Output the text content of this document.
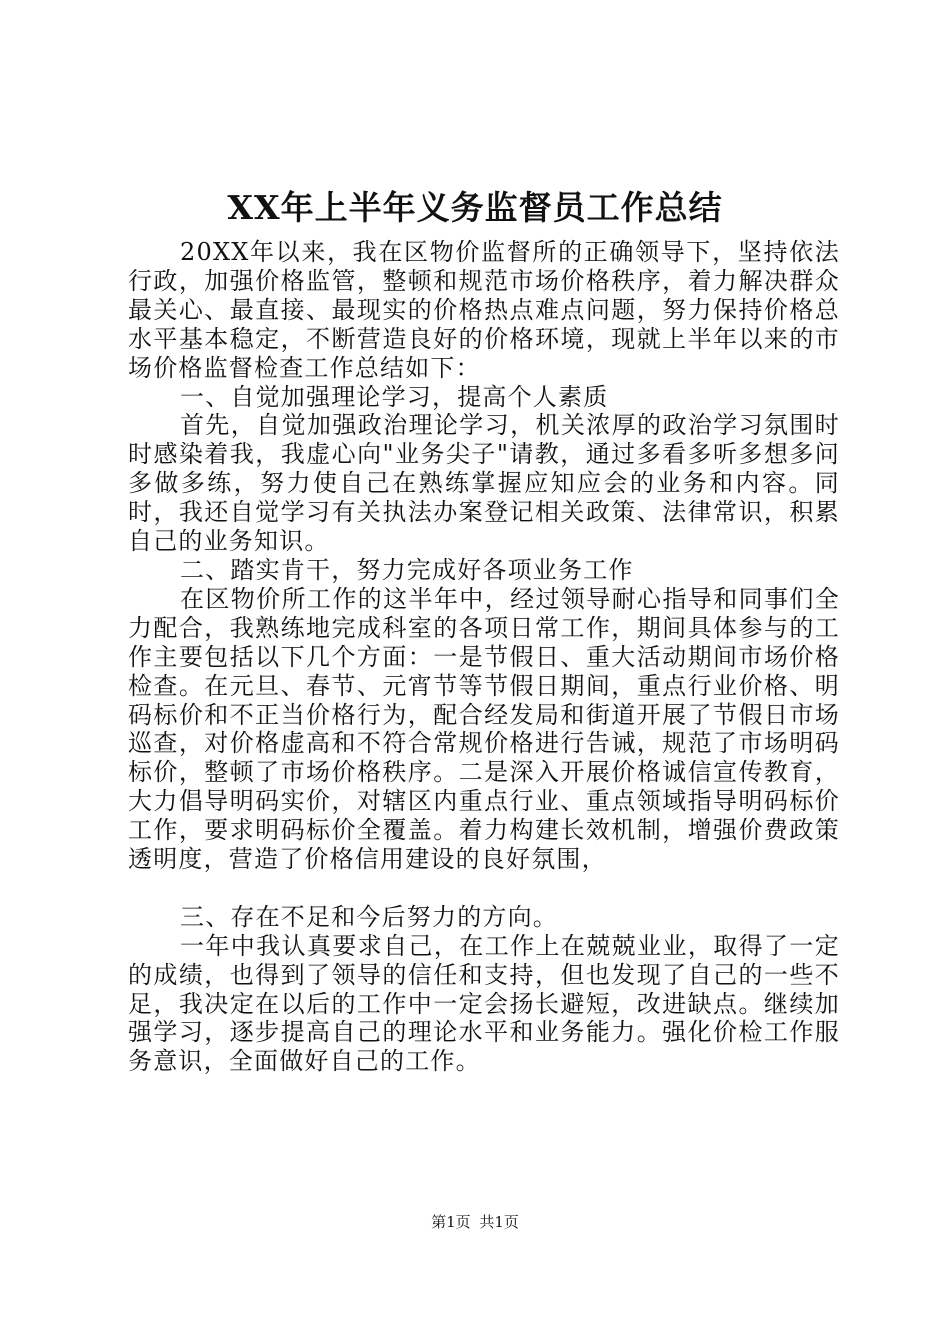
XX年上半年义务监督员工作总结

20XX年以来，我在区物价监督所的正确领导下，坚持依法行政，加强价格监管，整顿和规范市场价格秩序，着力解决群众最关心、最直接、最现实的价格热点难点问题，努力保持价格总水平基本稳定，不断营造良好的价格环境，现就上半年以来的市场价格监督检查工作总结如下：

一、自觉加强理论学习，提高个人素质

首先，自觉加强政治理论学习，机关浓厚的政治学习氛围时时感染着我，我虚心向"业务尖子"请教，通过多看多听多想多问多做多练，努力使自己在熟练掌握应知应会的业务和内容。同时，我还自觉学习有关执法办案登记相关政策、法律常识，积累自己的业务知识。

二、踏实肯干，努力完成好各项业务工作

在区物价所工作的这半年中，经过领导耐心指导和同事们全力配合，我熟练地完成科室的各项日常工作，期间具体参与的工作主要包括以下几个方面：一是节假日、重大活动期间市场价格检查。在元旦、春节、元宵节等节假日期间，重点行业价格、明码标价和不正当价格行为，配合经发局和街道开展了节假日市场巡查，对价格虚高和不符合常规价格进行告诫，规范了市场明码标价，整顿了市场价格秩序。二是深入开展价格诚信宣传教育，大力倡导明码实价，对辖区内重点行业、重点领域指导明码标价工作，要求明码标价全覆盖。着力构建长效机制，增强价费政策透明度，营造了价格信用建设的良好氛围，

三、存在不足和今后努力的方向。

一年中我认真要求自己，在工作上在兢兢业业，取得了一定的成绩，也得到了领导的信任和支持，但也发现了自己的一些不足，我决定在以后的工作中一定会扬长避短，改进缺点。继续加强学习，逐步提高自己的理论水平和业务能力。强化价检工作服务意识，全面做好自己的工作。

第1页 共1页
